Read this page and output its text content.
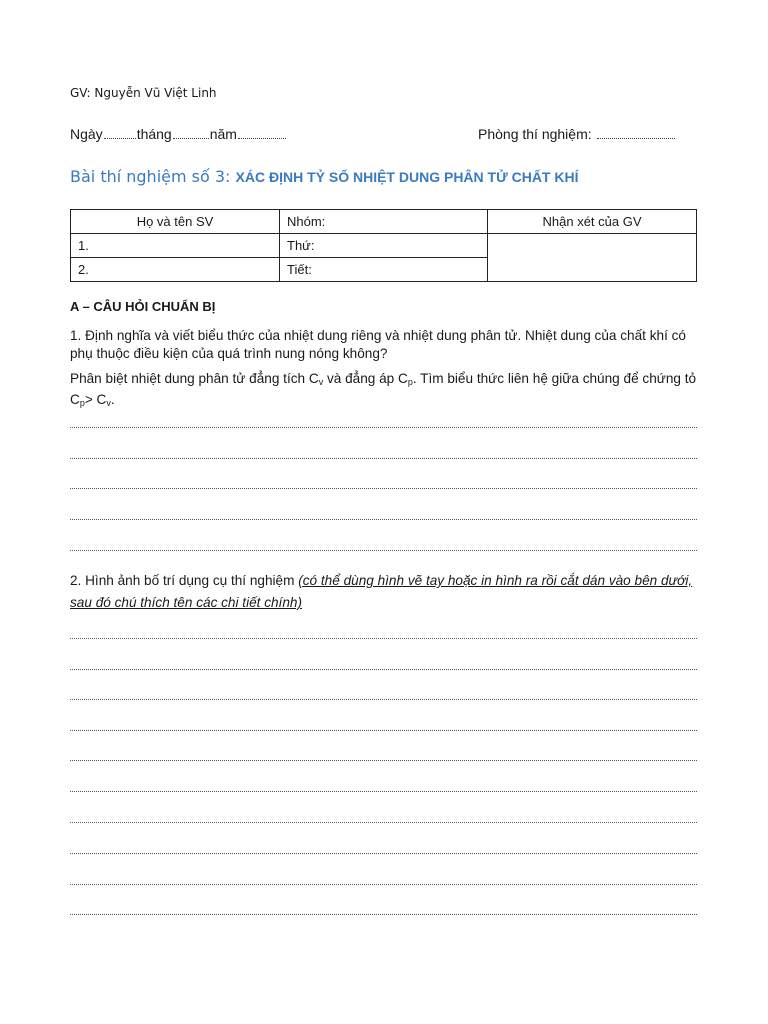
GV: Nguyễn Vũ Việt Linh
Ngày tháng	năm	Phòng thí nghiệm:
Bài thí nghiệm số 3: XÁC ĐỊNH TỶ SỐ NHIỆT DUNG PHÂN TỬ CHẤT KHÍ
Họ và tên SV	Nhóm:	Nhận xét của GV
1.	Thứ:	
2.	Tiết:	
A – CÂU HỎI CHUẨN BỊ
1. Định nghĩa và viết biểu thức của nhiệt dung riêng và nhiệt dung phân tử. Nhiệt dung của chất khí có phụ thuộc điều kiện của quá trình nung nóng không?
Phân biệt nhiệt dung phân tử đẳng tích $C_v$ và đẳng áp $C_p$. Tìm biểu thức liên hệ giữa chúng để chứng tỏ $C_p> C_v$.
2. Hình ảnh bố trí dụng cụ thí nghiệm (có thể dùng hình vẽ tay hoặc in hình ra rồi cắt dán vào bên dưới, sau đó chú thích tên các chi tiết chính)
